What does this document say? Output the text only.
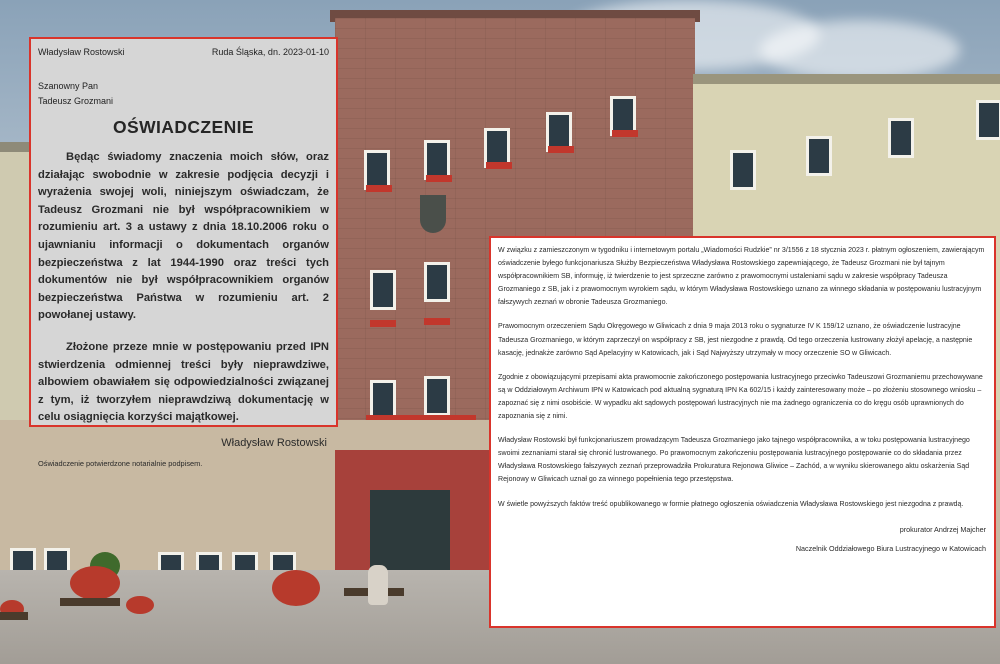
Władysław Rostowski	Ruda Śląska, dn. 2023-01-10
Szanowny Pan
Tadeusz Grozmani
OŚWIADCZENIE

Będąc świadomy znaczenia moich słów, oraz działając swobodnie w zakresie podjęcia decyzji i wyrażenia swojej woli, niniejszym oświadczam, że Tadeusz Grozmani nie był współpracownikiem w rozumieniu art. 3 a ustawy z dnia 18.10.2006 roku o ujawnianiu informacji o dokumentach organów bezpieczeństwa z lat 1944-1990 oraz treści tych dokumentów nie był współpracownikiem organów bezpieczeństwa Państwa w rozumieniu art. 2 powołanej ustawy.

Złożone przeze mnie w postępowaniu przed IPN stwierdzenia odmiennej treści były nieprawdziwe, albowiem obawiałem się odpowiedzialności związanej z tym, iż tworzyłem nieprawdziwą dokumentację w celu osiągnięcia korzyści majątkowej.

Władysław Rostowski
Oświadczenie potwierdzone notarialnie podpisem.

W związku z zamieszczonym w tygodniku i internetowym portalu „Wiadomości Rudzkie” nr 3/1556 z 18 stycznia 2023 r. płatnym ogłoszeniem, zawierającym oświadczenie byłego funkcjonariusza Służby Bezpieczeństwa Władysława Rostowskiego zapewniającego, że Tadeusz Grozmani nie był tajnym współpracownikiem SB, informuję, iż twierdzenie to jest sprzeczne zarówno z prawomocnymi ustaleniami sądu w zakresie współpracy Tadeusza Grozmaniego z SB, jak i z prawomocnym wyrokiem sądu, w którym Władysława Rostowskiego uznano za winnego składania w postępowaniu lustracyjnym fałszywych zeznań w obronie Tadeusza Grozmaniego.

Prawomocnym orzeczeniem Sądu Okręgowego w Gliwicach z dnia 9 maja 2013 roku o sygnaturze IV K 159/12 uznano, że oświadczenie lustracyjne Tadeusza Grozmaniego, w którym zaprzeczył on współpracy z SB, jest niezgodne z prawdą. Od tego orzeczenia lustrowany złożył apelację, a następnie kasację, jednakże zarówno Sąd Apelacyjny w Katowicach, jak i Sąd Najwyższy utrzymały w mocy orzeczenie SO w Gliwicach.

Zgodnie z obowiązującymi przepisami akta prawomocnie zakończonego postępowania lustracyjnego przeciwko Tadeuszowi Grozmaniemu przechowywane są w Oddziałowym Archiwum IPN w Katowicach pod aktualną sygnaturą IPN Ka 602/15 i każdy zainteresowany może – po złożeniu stosownego wniosku – zapoznać się z nimi osobiście. W wypadku akt sądowych postępowań lustracyjnych nie ma żadnego ograniczenia co do kręgu osób uprawnionych do zapoznania się z nimi.

Władysław Rostowski był funkcjonariuszem prowadzącym Tadeusza Grozmaniego jako tajnego współpracownika, a w toku postępowania lustracyjnego swoimi zeznaniami starał się chronić lustrowanego. Po prawomocnym zakończeniu postępowania lustracyjnego postępowanie co do składania przez Władysława Rostowskiego fałszywych zeznań przeprowadziła Prokuratura Rejonowa Gliwice – Zachód, a w wyniku skierowanego aktu oskarżenia Sąd Rejonowy w Gliwicach uznał go za winnego popełnienia tego przestępstwa.

W świetle powyższych faktów treść opublikowanego w formie płatnego ogłoszenia oświadczenia Władysława Rostowskiego jest niezgodna z prawdą.

prokurator Andrzej Majcher
Naczelnik Oddziałowego Biura Lustracyjnego w Katowicach
